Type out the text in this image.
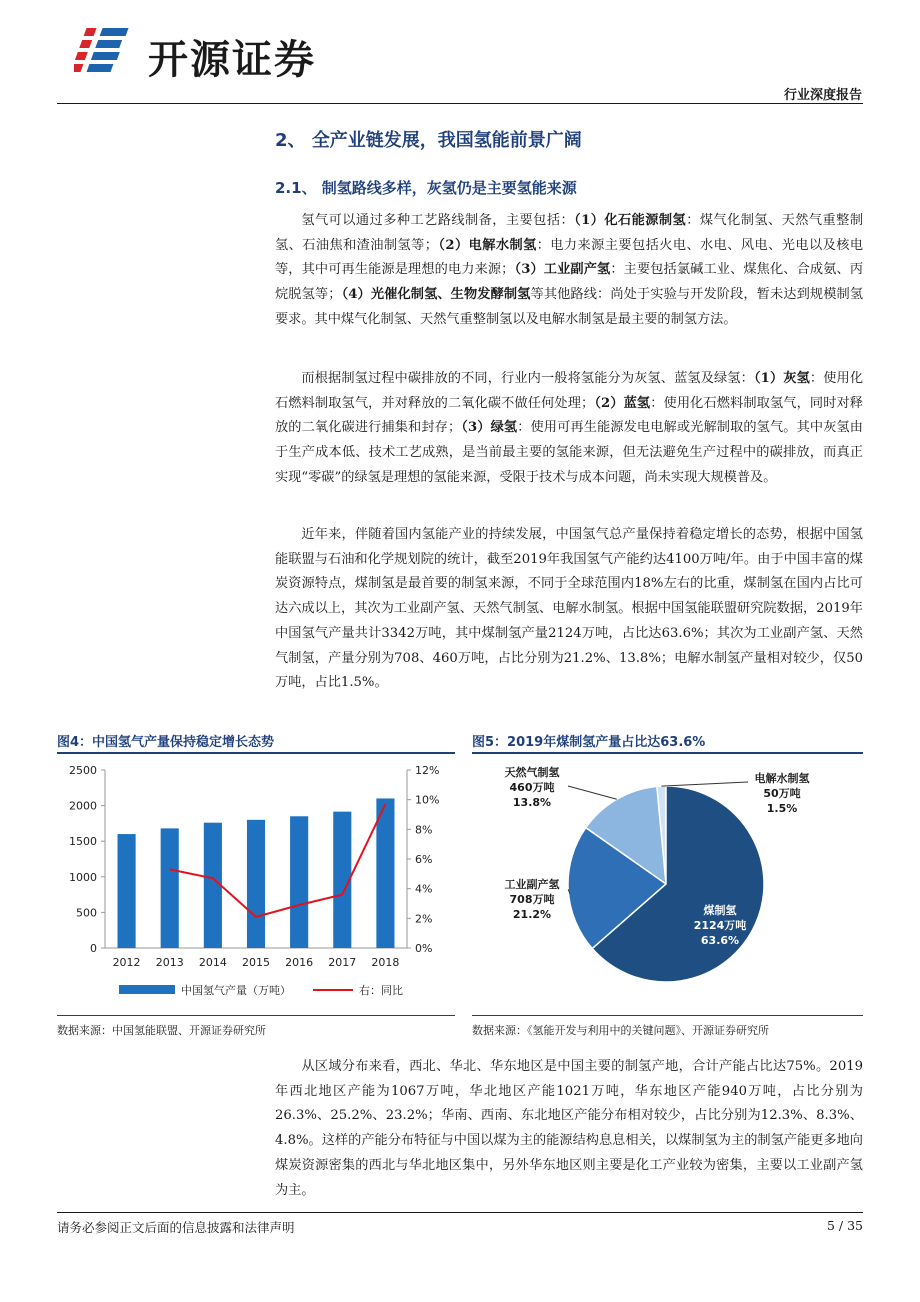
开源证券
行业深度报告
2、 全产业链发展，我国氢能前景广阔
2.1、 制氢路线多样，灰氢仍是主要氢能来源

氢气可以通过多种工艺路线制备，主要包括：（1）化石能源制氢：煤气化制氢、天然气重整制氢、石油焦和渣油制氢等；（2）电解水制氢：电力来源主要包括火电、水电、风电、光电以及核电等，其中可再生能源是理想的电力来源；（3）工业副产氢：主要包括氯碱工业、煤焦化、合成氨、丙烷脱氢等；（4）光催化制氢、生物发酵制氢等其他路线：尚处于实验与开发阶段，暂未达到规模制氢要求。其中煤气化制氢、天然气重整制氢以及电解水制氢是最主要的制氢方法。

而根据制氢过程中碳排放的不同，行业内一般将氢能分为灰氢、蓝氢及绿氢：（1）灰氢：使用化石燃料制取氢气，并对释放的二氧化碳不做任何处理；（2）蓝氢：使用化石燃料制取氢气，同时对释放的二氧化碳进行捕集和封存；（3）绿氢：使用可再生能源发电电解或光解制取的氢气。其中灰氢由于生产成本低、技术工艺成熟，是当前最主要的氢能来源，但无法避免生产过程中的碳排放，而真正实现“零碳”的绿氢是理想的氢能来源，受限于技术与成本问题，尚未实现大规模普及。

近年来，伴随着国内氢能产业的持续发展，中国氢气总产量保持着稳定增长的态势，根据中国氢能联盟与石油和化学规划院的统计，截至2019年我国氢气产能约达4100万吨/年。由于中国丰富的煤炭资源特点，煤制氢是最首要的制氢来源，不同于全球范围内18%左右的比重，煤制氢在国内占比可达六成以上，其次为工业副产氢、天然气制氢、电解水制氢。根据中国氢能联盟研究院数据，2019年中国氢气产量共计3342万吨，其中煤制氢产量2124万吨，占比达63.6%；其次为工业副产氢、天然气制氢，产量分别为708、460万吨，占比分别为21.2%、13.8%；电解水制氢产量相对较少，仅50万吨，占比1.5%。

图4：中国氢气产量保持稳定增长态势
0
500
1000
1500
2000
2500
0%
2%
4%
6%
8%
10%
12%
2012 2013 2014 2015 2016 2017 2018
中国氢气产量（万吨）	右：同比
数据来源：中国氢能联盟、开源证券研究所
图5：2019年煤制氢产量占比达63.6%
煤制氢
2124万吨
63.6%
工业副产氢
708万吨
21.2%
天然气制氢
460万吨
13.8%
电解水制氢
50万吨
1.5%
数据来源：《氢能开发与利用中的关键问题》、开源证券研究所

从区域分布来看，西北、华北、华东地区是中国主要的制氢产地，合计产能占比达75%。2019年西北地区产能为1067万吨，华北地区产能1021万吨，华东地区产能940万吨，占比分别为26.3%、25.2%、23.2%；华南、西南、东北地区产能分布相对较少，占比分别为12.3%、8.3%、4.8%。这样的产能分布特征与中国以煤为主的能源结构息息相关，以煤制氢为主的制氢产能更多地向煤炭资源密集的西北与华北地区集中，另外华东地区则主要是化工产业较为密集，主要以工业副产氢为主。

请务必参阅正文后面的信息披露和法律声明	5 / 35
